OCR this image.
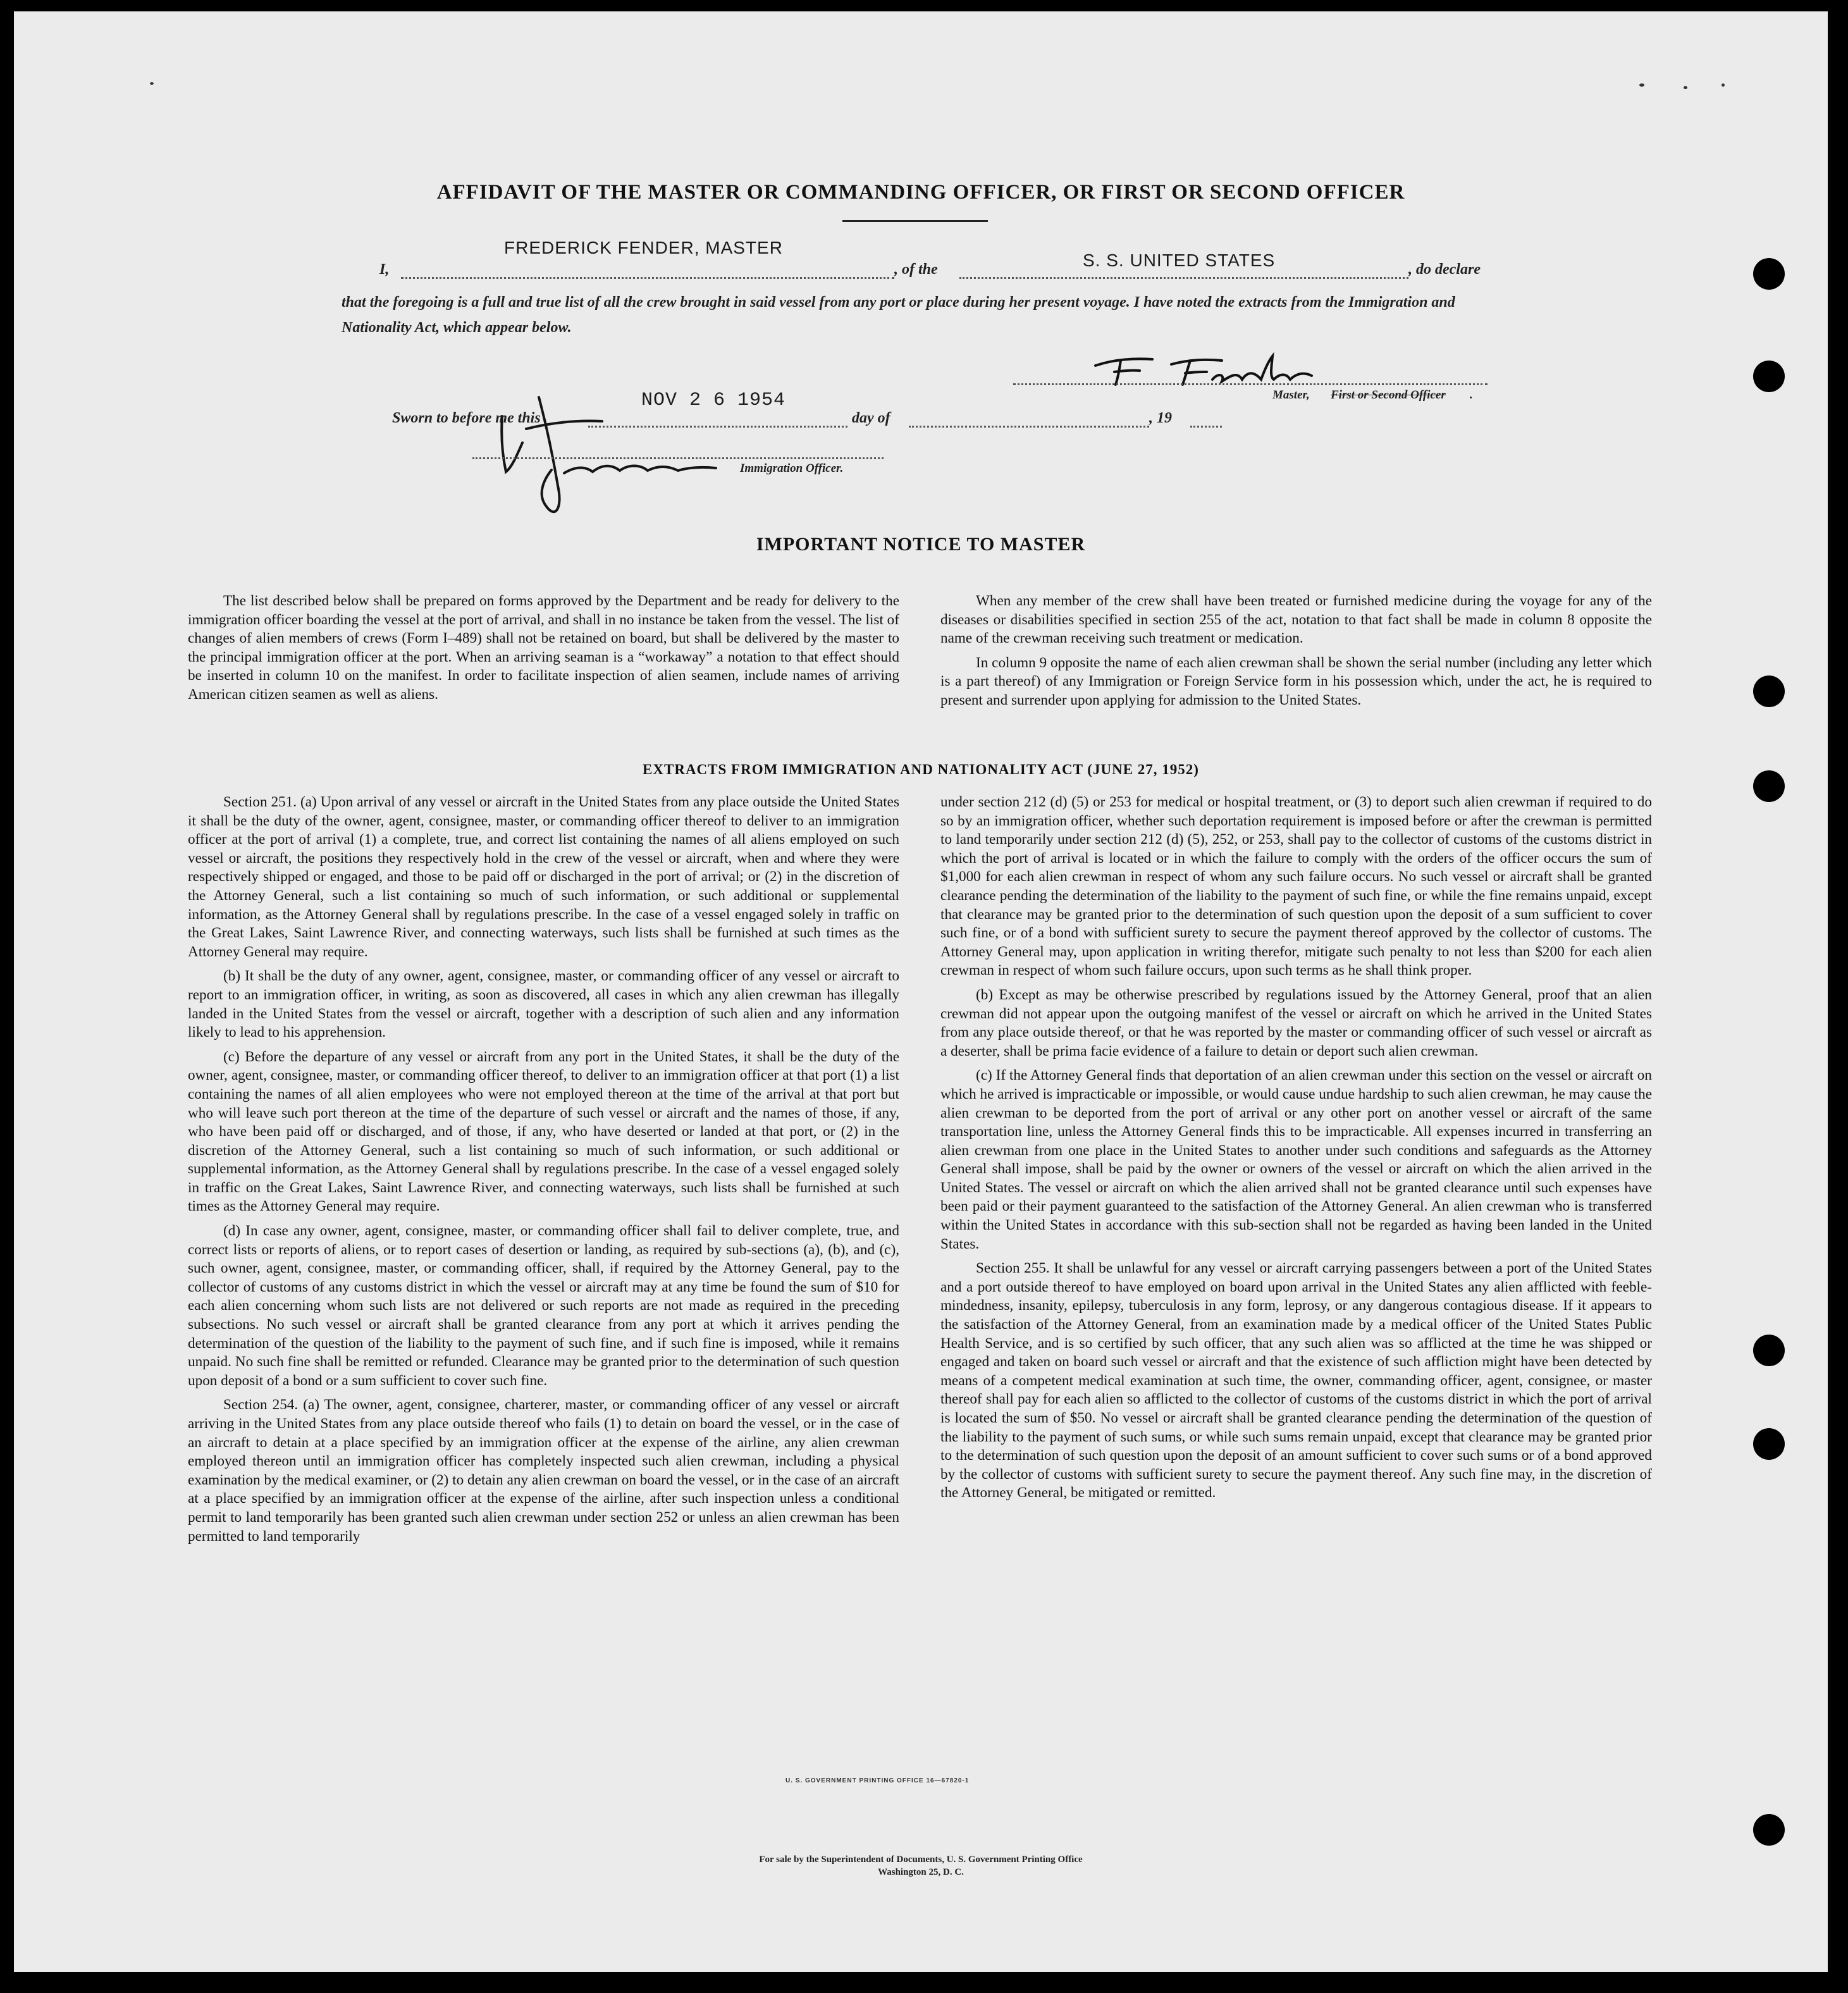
AFFIDAVIT OF THE MASTER OR COMMANDING OFFICER, OR FIRST OR SECOND OFFICER
I,
FREDERICK FENDER, MASTER
, of the	S. S. UNITED STATES	, do declare
that the foregoing is a full and true list of all the crew brought in said vessel from any port or place during her present voyage. I have noted the extracts from the Immigration and Nationality Act, which appear below.
Master, First or Second Officer .
Sworn to before me this
NOV 2 6 1954
day of	, 19
Immigration Officer.
IMPORTANT NOTICE TO MASTER

The list described below shall be prepared on forms approved by the Department and be ready for delivery to the immigration officer boarding the vessel at the port of arrival, and shall in no instance be taken from the vessel. The list of changes of alien members of crews (Form I–489) shall not be retained on board, but shall be delivered by the master to the principal immigration officer at the port. When an arriving seaman is a “workaway” a notation to that effect should be inserted in column 10 on the manifest. In order to facilitate inspection of alien seamen, include names of arriving American citizen seamen as well as aliens.

When any member of the crew shall have been treated or furnished medicine during the voyage for any of the diseases or disabilities specified in section 255 of the act, notation to that fact shall be made in column 8 opposite the name of the crewman receiving such treatment or medication.

In column 9 opposite the name of each alien crewman shall be shown the serial number (including any letter which is a part thereof) of any Immigration or Foreign Service form in his possession which, under the act, he is required to present and surrender upon applying for admission to the United States.

EXTRACTS FROM IMMIGRATION AND NATIONALITY ACT (JUNE 27, 1952)

Section 251. (a) Upon arrival of any vessel or aircraft in the United States from any place outside the United States it shall be the duty of the owner, agent, consignee, master, or commanding officer thereof to deliver to an immigration officer at the port of arrival (1) a complete, true, and correct list containing the names of all aliens employed on such vessel or aircraft, the positions they respectively hold in the crew of the vessel or aircraft, when and where they were respectively shipped or engaged, and those to be paid off or discharged in the port of arrival; or (2) in the discretion of the Attorney General, such a list containing so much of such information, or such additional or supplemental information, as the Attorney General shall by regulations prescribe. In the case of a vessel engaged solely in traffic on the Great Lakes, Saint Lawrence River, and connecting waterways, such lists shall be furnished at such times as the Attorney General may require.

(b) It shall be the duty of any owner, agent, consignee, master, or commanding officer of any vessel or aircraft to report to an immigration officer, in writing, as soon as discovered, all cases in which any alien crewman has illegally landed in the United States from the vessel or aircraft, together with a description of such alien and any information likely to lead to his apprehension.

(c) Before the departure of any vessel or aircraft from any port in the United States, it shall be the duty of the owner, agent, consignee, master, or commanding officer thereof, to deliver to an immigration officer at that port (1) a list containing the names of all alien employees who were not employed thereon at the time of the arrival at that port but who will leave such port thereon at the time of the departure of such vessel or aircraft and the names of those, if any, who have been paid off or discharged, and of those, if any, who have deserted or landed at that port, or (2) in the discretion of the Attorney General, such a list containing so much of such information, or such additional or supplemental information, as the Attorney General shall by regulations prescribe. In the case of a vessel engaged solely in traffic on the Great Lakes, Saint Lawrence River, and connecting waterways, such lists shall be furnished at such times as the Attorney General may require.

(d) In case any owner, agent, consignee, master, or commanding officer shall fail to deliver complete, true, and correct lists or reports of aliens, or to report cases of desertion or landing, as required by sub-sections (a), (b), and (c), such owner, agent, consignee, master, or commanding officer, shall, if required by the Attorney General, pay to the collector of customs of any customs district in which the vessel or aircraft may at any time be found the sum of $10 for each alien concerning whom such lists are not delivered or such reports are not made as required in the preceding subsections. No such vessel or aircraft shall be granted clearance from any port at which it arrives pending the determination of the question of the liability to the payment of such fine, and if such fine is imposed, while it remains unpaid. No such fine shall be remitted or refunded. Clearance may be granted prior to the determination of such question upon deposit of a bond or a sum sufficient to cover such fine.

Section 254. (a) The owner, agent, consignee, charterer, master, or commanding officer of any vessel or aircraft arriving in the United States from any place outside thereof who fails (1) to detain on board the vessel, or in the case of an aircraft to detain at a place specified by an immigration officer at the expense of the airline, any alien crewman employed thereon until an immigration officer has completely inspected such alien crewman, including a physical examination by the medical examiner, or (2) to detain any alien crewman on board the vessel, or in the case of an aircraft at a place specified by an immigration officer at the expense of the airline, after such inspection unless a conditional permit to land temporarily has been granted such alien crewman under section 252 or unless an alien crewman has been permitted to land temporarily

under section 212 (d) (5) or 253 for medical or hospital treatment, or (3) to deport such alien crewman if required to do so by an immigration officer, whether such deportation requirement is imposed before or after the crewman is permitted to land temporarily under section 212 (d) (5), 252, or 253, shall pay to the collector of customs of the customs district in which the port of arrival is located or in which the failure to comply with the orders of the officer occurs the sum of $1,000 for each alien crewman in respect of whom any such failure occurs. No such vessel or aircraft shall be granted clearance pending the determination of the liability to the payment of such fine, or while the fine remains unpaid, except that clearance may be granted prior to the determination of such question upon the deposit of a sum sufficient to cover such fine, or of a bond with sufficient surety to secure the payment thereof approved by the collector of customs. The Attorney General may, upon application in writing therefor, mitigate such penalty to not less than $200 for each alien crewman in respect of whom such failure occurs, upon such terms as he shall think proper.

(b) Except as may be otherwise prescribed by regulations issued by the Attorney General, proof that an alien crewman did not appear upon the outgoing manifest of the vessel or aircraft on which he arrived in the United States from any place outside thereof, or that he was reported by the master or commanding officer of such vessel or aircraft as a deserter, shall be prima facie evidence of a failure to detain or deport such alien crewman.

(c) If the Attorney General finds that deportation of an alien crewman under this section on the vessel or aircraft on which he arrived is impracticable or impossible, or would cause undue hardship to such alien crewman, he may cause the alien crewman to be deported from the port of arrival or any other port on another vessel or aircraft of the same transportation line, unless the Attorney General finds this to be impracticable. All expenses incurred in transferring an alien crewman from one place in the United States to another under such conditions and safeguards as the Attorney General shall impose, shall be paid by the owner or owners of the vessel or aircraft on which the alien arrived in the United States. The vessel or aircraft on which the alien arrived shall not be granted clearance until such expenses have been paid or their payment guaranteed to the satisfaction of the Attorney General. An alien crewman who is transferred within the United States in accordance with this sub-section shall not be regarded as having been landed in the United States.

Section 255. It shall be unlawful for any vessel or aircraft carrying passengers between a port of the United States and a port outside thereof to have employed on board upon arrival in the United States any alien afflicted with feeble-mindedness, insanity, epilepsy, tuberculosis in any form, leprosy, or any dangerous contagious disease. If it appears to the satisfaction of the Attorney General, from an examination made by a medical officer of the United States Public Health Service, and is so certified by such officer, that any such alien was so afflicted at the time he was shipped or engaged and taken on board such vessel or aircraft and that the existence of such affliction might have been detected by means of a competent medical examination at such time, the owner, commanding officer, agent, consignee, or master thereof shall pay for each alien so afflicted to the collector of customs of the customs district in which the port of arrival is located the sum of $50. No vessel or aircraft shall be granted clearance pending the determination of the question of the liability to the payment of such sums, or while such sums remain unpaid, except that clearance may be granted prior to the determination of such question upon the deposit of an amount sufficient to cover such sums or of a bond approved by the collector of customs with sufficient surety to secure the payment thereof. Any such fine may, in the discretion of the Attorney General, be mitigated or remitted.

U. S. GOVERNMENT PRINTING OFFICE 16—67820-1
For sale by the Superintendent of Documents, U. S. Government Printing Office
Washington 25, D. C.
